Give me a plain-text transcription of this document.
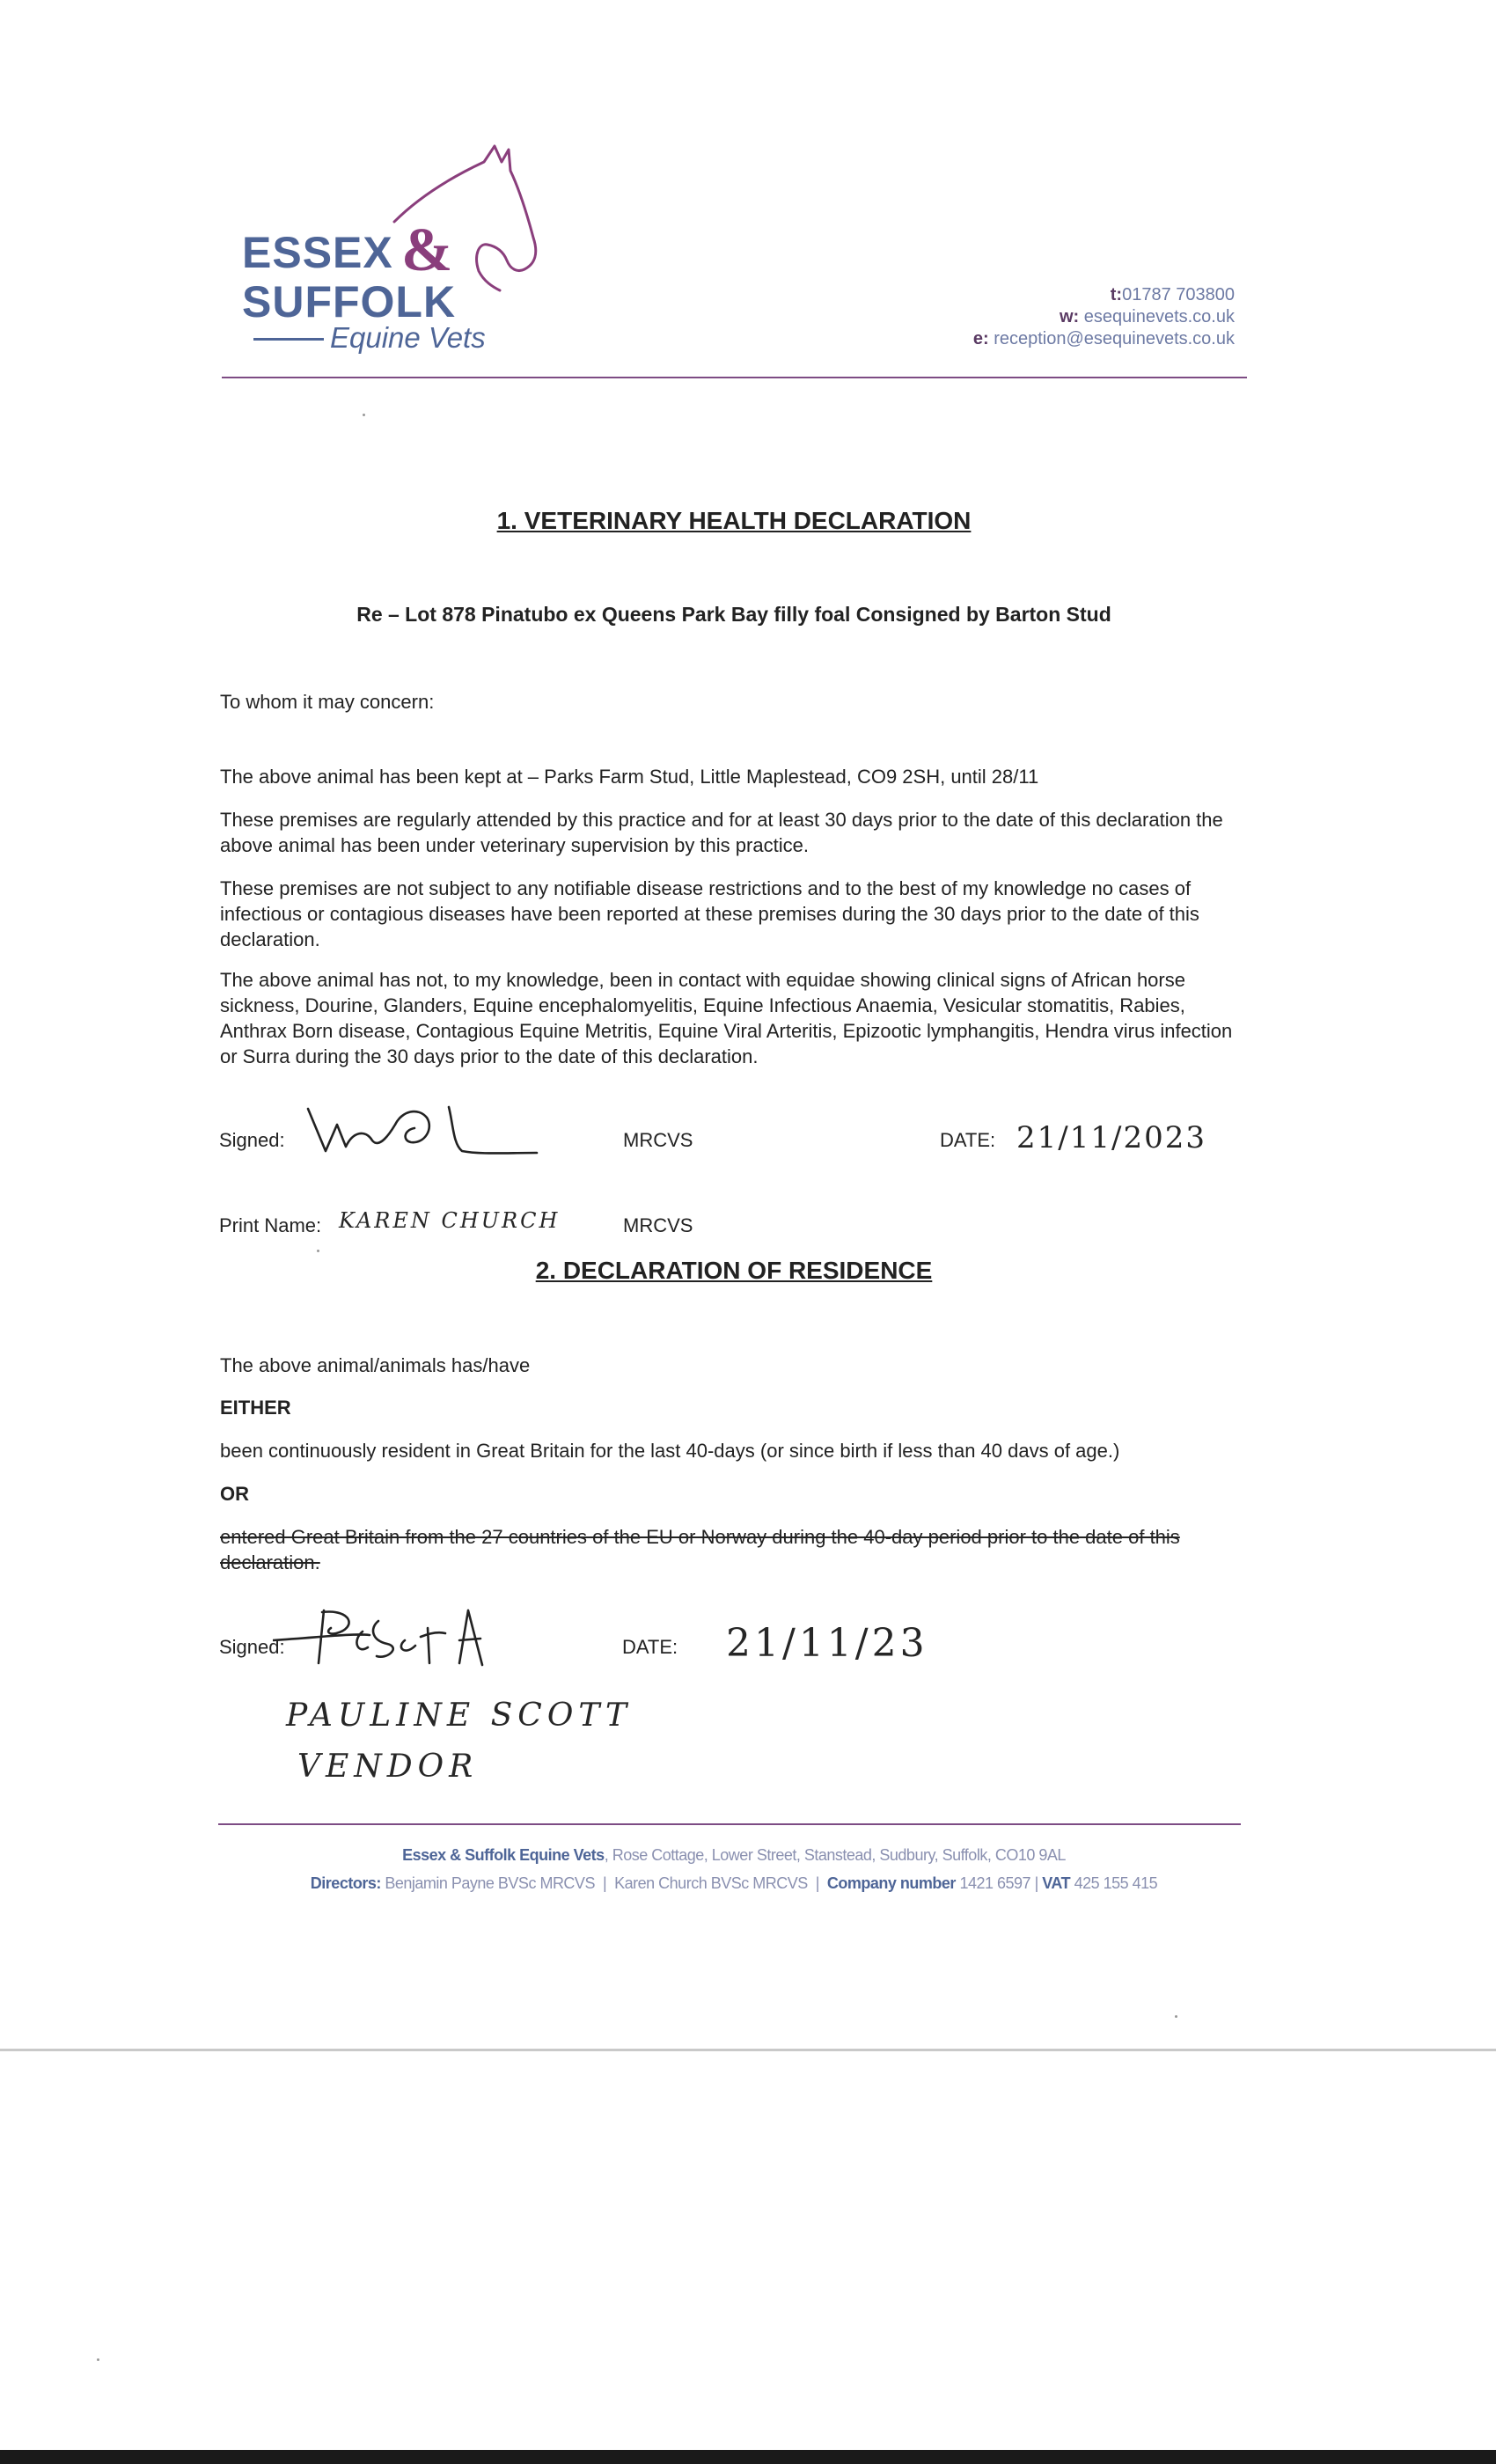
ESSEX &
SUFFOLK
Equine Vets
t:01787 703800
w: esequinevets.co.uk
e: reception@esequinevets.co.uk
1. VETERINARY HEALTH DECLARATION
Re – Lot 878 Pinatubo ex Queens Park Bay filly foal Consigned by Barton Stud
To whom it may concern:
The above animal has been kept at – Parks Farm Stud, Little Maplestead, CO9 2SH, until 28/11
These premises are regularly attended by this practice and for at least 30 days prior to the date of this declaration the above animal has been under veterinary supervision by this practice.
These premises are not subject to any notifiable disease restrictions and to the best of my knowledge no cases of infectious or contagious diseases have been reported at these premises during the 30 days prior to the date of this declaration.
The above animal has not, to my knowledge, been in contact with equidae showing clinical signs of African horse sickness, Dourine, Glanders, Equine encephalomyelitis, Equine Infectious Anaemia, Vesicular stomatitis, Rabies, Anthrax Born disease, Contagious Equine Metritis, Equine Viral Arteritis, Epizootic lymphangitis, Hendra virus infection or Surra during the 30 days prior to the date of this declaration.
Signed:	MRCVS	DATE: 21/11/2023
Print Name: KAREN CHURCH	MRCVS
2. DECLARATION OF RESIDENCE
The above animal/animals has/have
EITHER
been continuously resident in Great Britain for the last 40-days (or since birth if less than 40 davs of age.)
OR
entered Great Britain from the 27 countries of the EU or Norway during the 40-day period prior to the date of this declaration.
Signed:	DATE: 21/11/23
PAULINE SCOTT
VENDOR
Essex & Suffolk Equine Vets, Rose Cottage, Lower Street, Stanstead, Sudbury, Suffolk, CO10 9AL
Directors: Benjamin Payne BVSc MRCVS  |  Karen Church BVSc MRCVS  |  Company number 1421 6597 | VAT 425 155 415
